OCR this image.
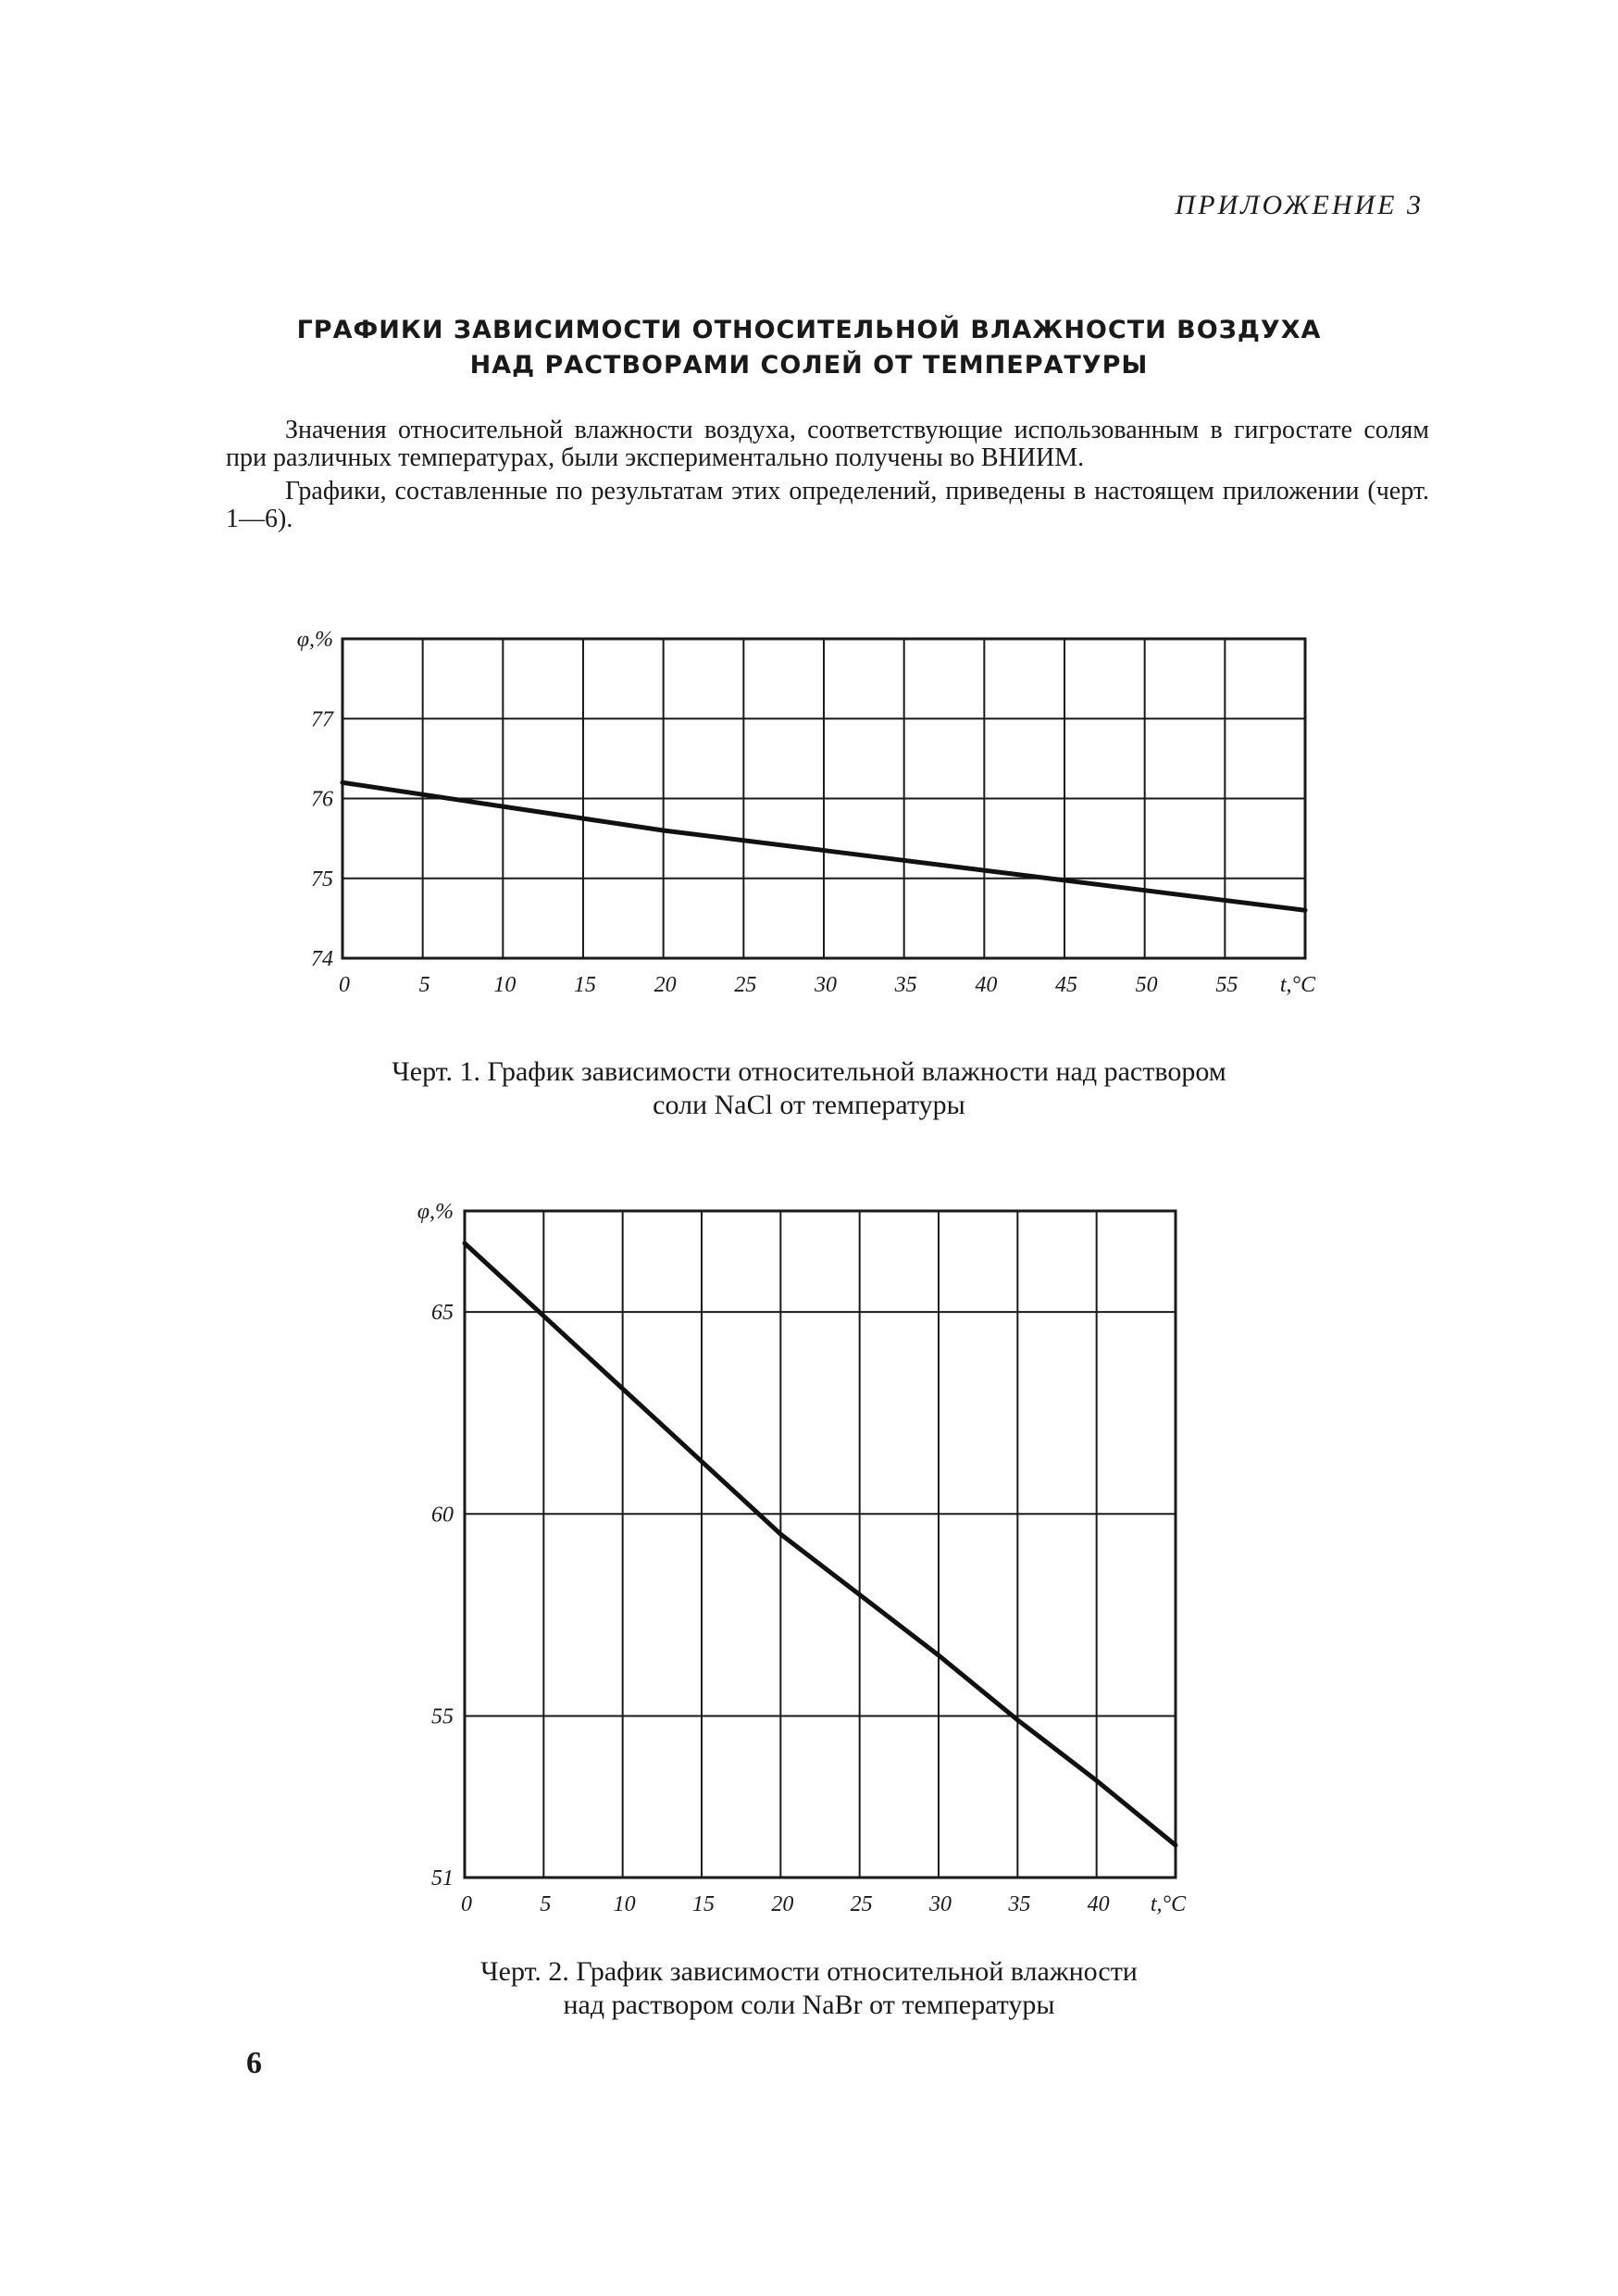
ПРИЛОЖЕНИЕ 3
ГРАФИКИ ЗАВИСИМОСТИ ОТНОСИТЕЛЬНОЙ ВЛАЖНОСТИ ВОЗДУХА
НАД РАСТВОРАМИ СОЛЕЙ ОТ ТЕМПЕРАТУРЫ

Значения относительной влажности воздуха, соответствующие использованным в гигростате солям при различных температурах, были экспериментально получены во ВНИИМ.

Графики, составленные по результатам этих определений, приведены в настоящем приложении (черт. 1—6).

0	5	10	15	20	25	30	35	40	45	50	55 t,°C
74
75
76
77
φ,%
Черт. 1. График зависимости относительной влажности над раствором
соли NaCl от температуры
0	5	10	15	20	25	30	35	40 t,°C
51
55
60
65
φ,%
Черт. 2. График зависимости относительной влажности
над раствором соли NaBr от температуры
6
